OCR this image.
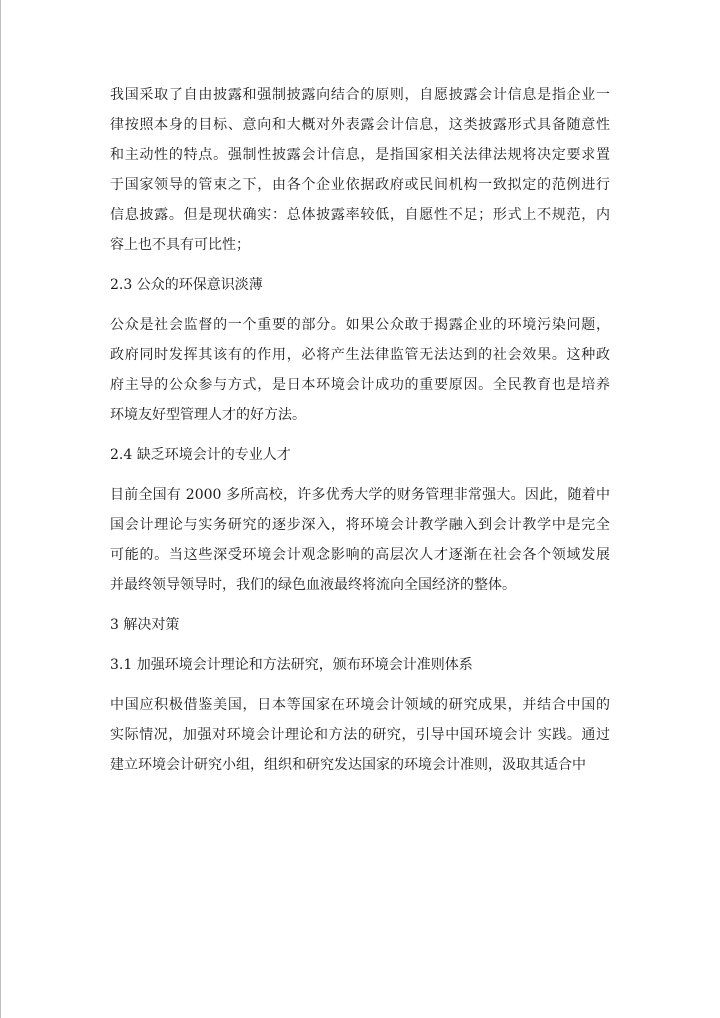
我国采取了自由披露和强制披露向结合的原则，自愿披露会计信息是指企业一
律按照本身的目标、意向和大概对外表露会计信息，这类披露形式具备随意性
和主动性的特点。强制性披露会计信息，是指国家相关法律法规将决定要求置
于国家领导的管束之下，由各个企业依据政府或民间机构一致拟定的范例进行
信息披露。但是现状确实：总体披露率较低，自愿性不足；形式上不规范，内
容上也不具有可比性；
2.3 公众的环保意识淡薄
公众是社会监督的一个重要的部分。如果公众敢于揭露企业的环境污染问题，
政府同时发挥其该有的作用，必将产生法律监管无法达到的社会效果。这种政
府主导的公众参与方式，是日本环境会计成功的重要原因。全民教育也是培养
环境友好型管理人才的好方法。
2.4 缺乏环境会计的专业人才
目前全国有 2000 多所高校，许多优秀大学的财务管理非常强大。因此，随着中
国会计理论与实务研究的逐步深入，将环境会计教学融入到会计教学中是完全
可能的。当这些深受环境会计观念影响的高层次人才逐渐在社会各个领域发展
并最终领导领导时，我们的绿色血液最终将流向全国经济的整体。
3 解决对策
3.1 加强环境会计理论和方法研究，颁布环境会计准则体系
中国应积极借鉴美国，日本等国家在环境会计领域的研究成果，并结合中国的
实际情况，加强对环境会计理论和方法的研究，引导中国环境会计 实践。通过
建立环境会计研究小组，组织和研究发达国家的环境会计准则，汲取其适合中
